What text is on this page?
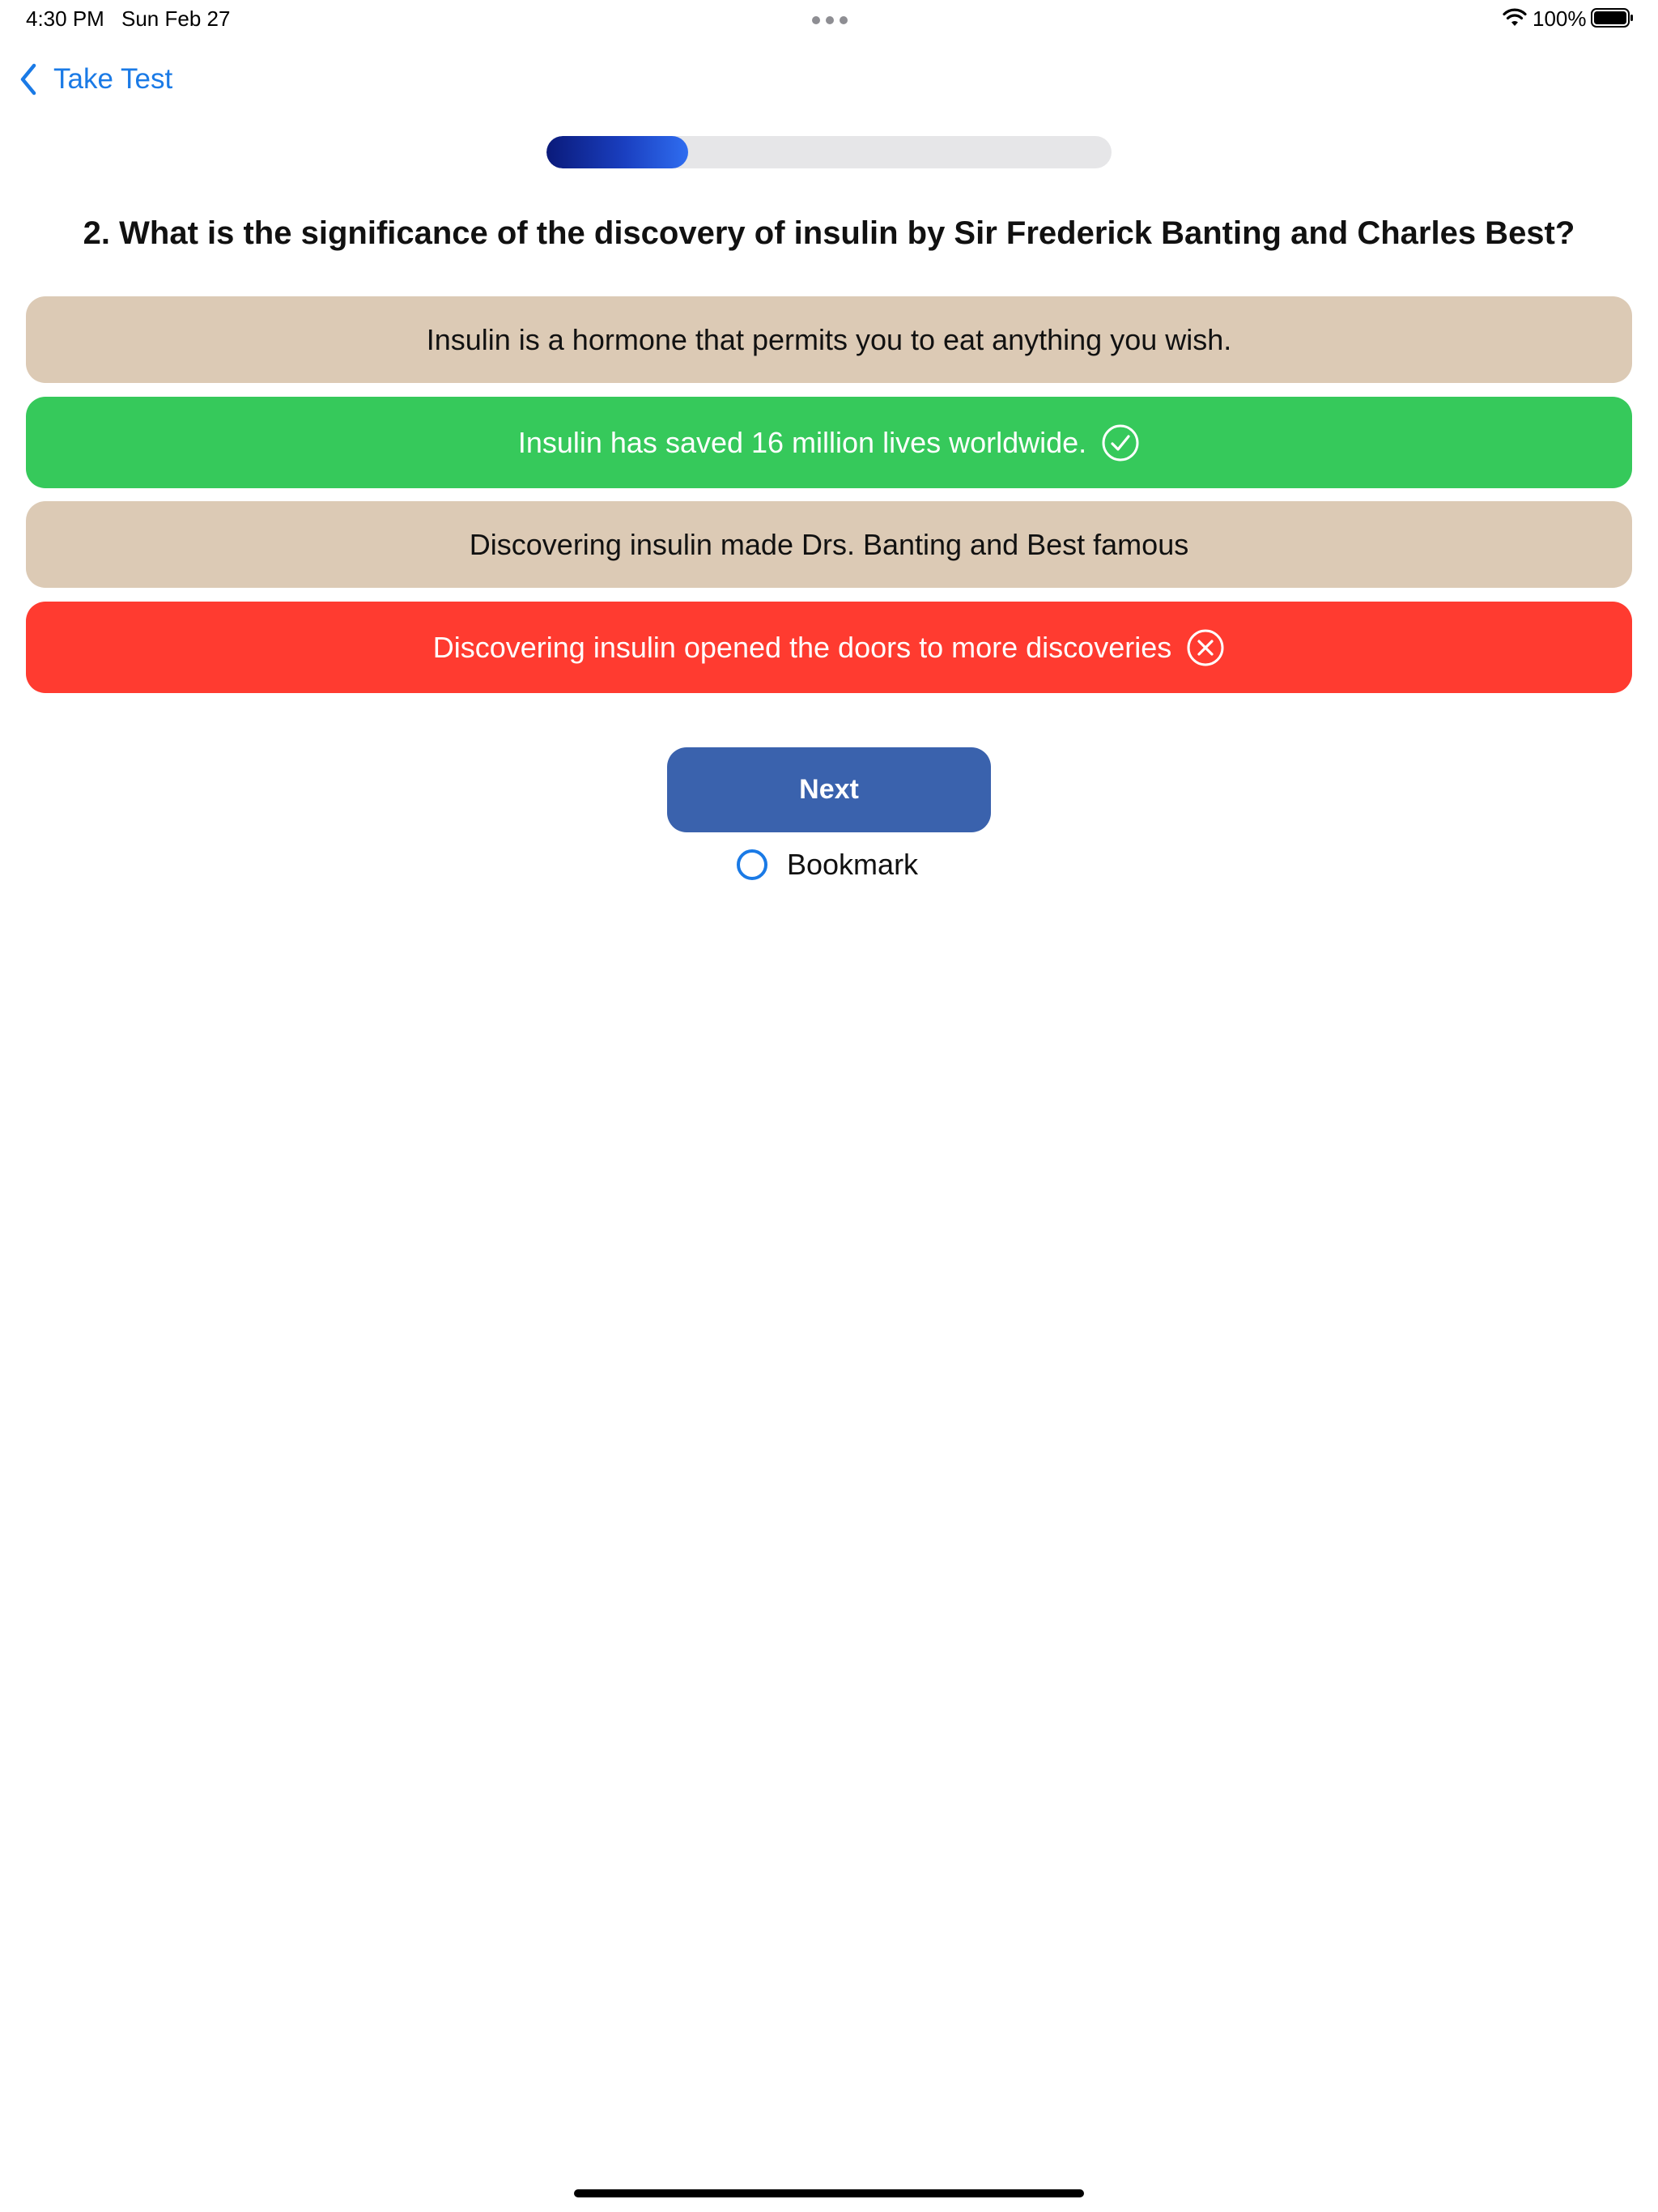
4:30 PM Sun Feb 27	100%
Take Test
2. What is the significance of the discovery of insulin by Sir Frederick Banting and Charles Best?
Insulin is a hormone that permits you to eat anything you wish.
Insulin has saved 16 million lives worldwide.
Discovering insulin made Drs. Banting and Best famous
Discovering insulin opened the doors to more discoveries
Next
Bookmark
